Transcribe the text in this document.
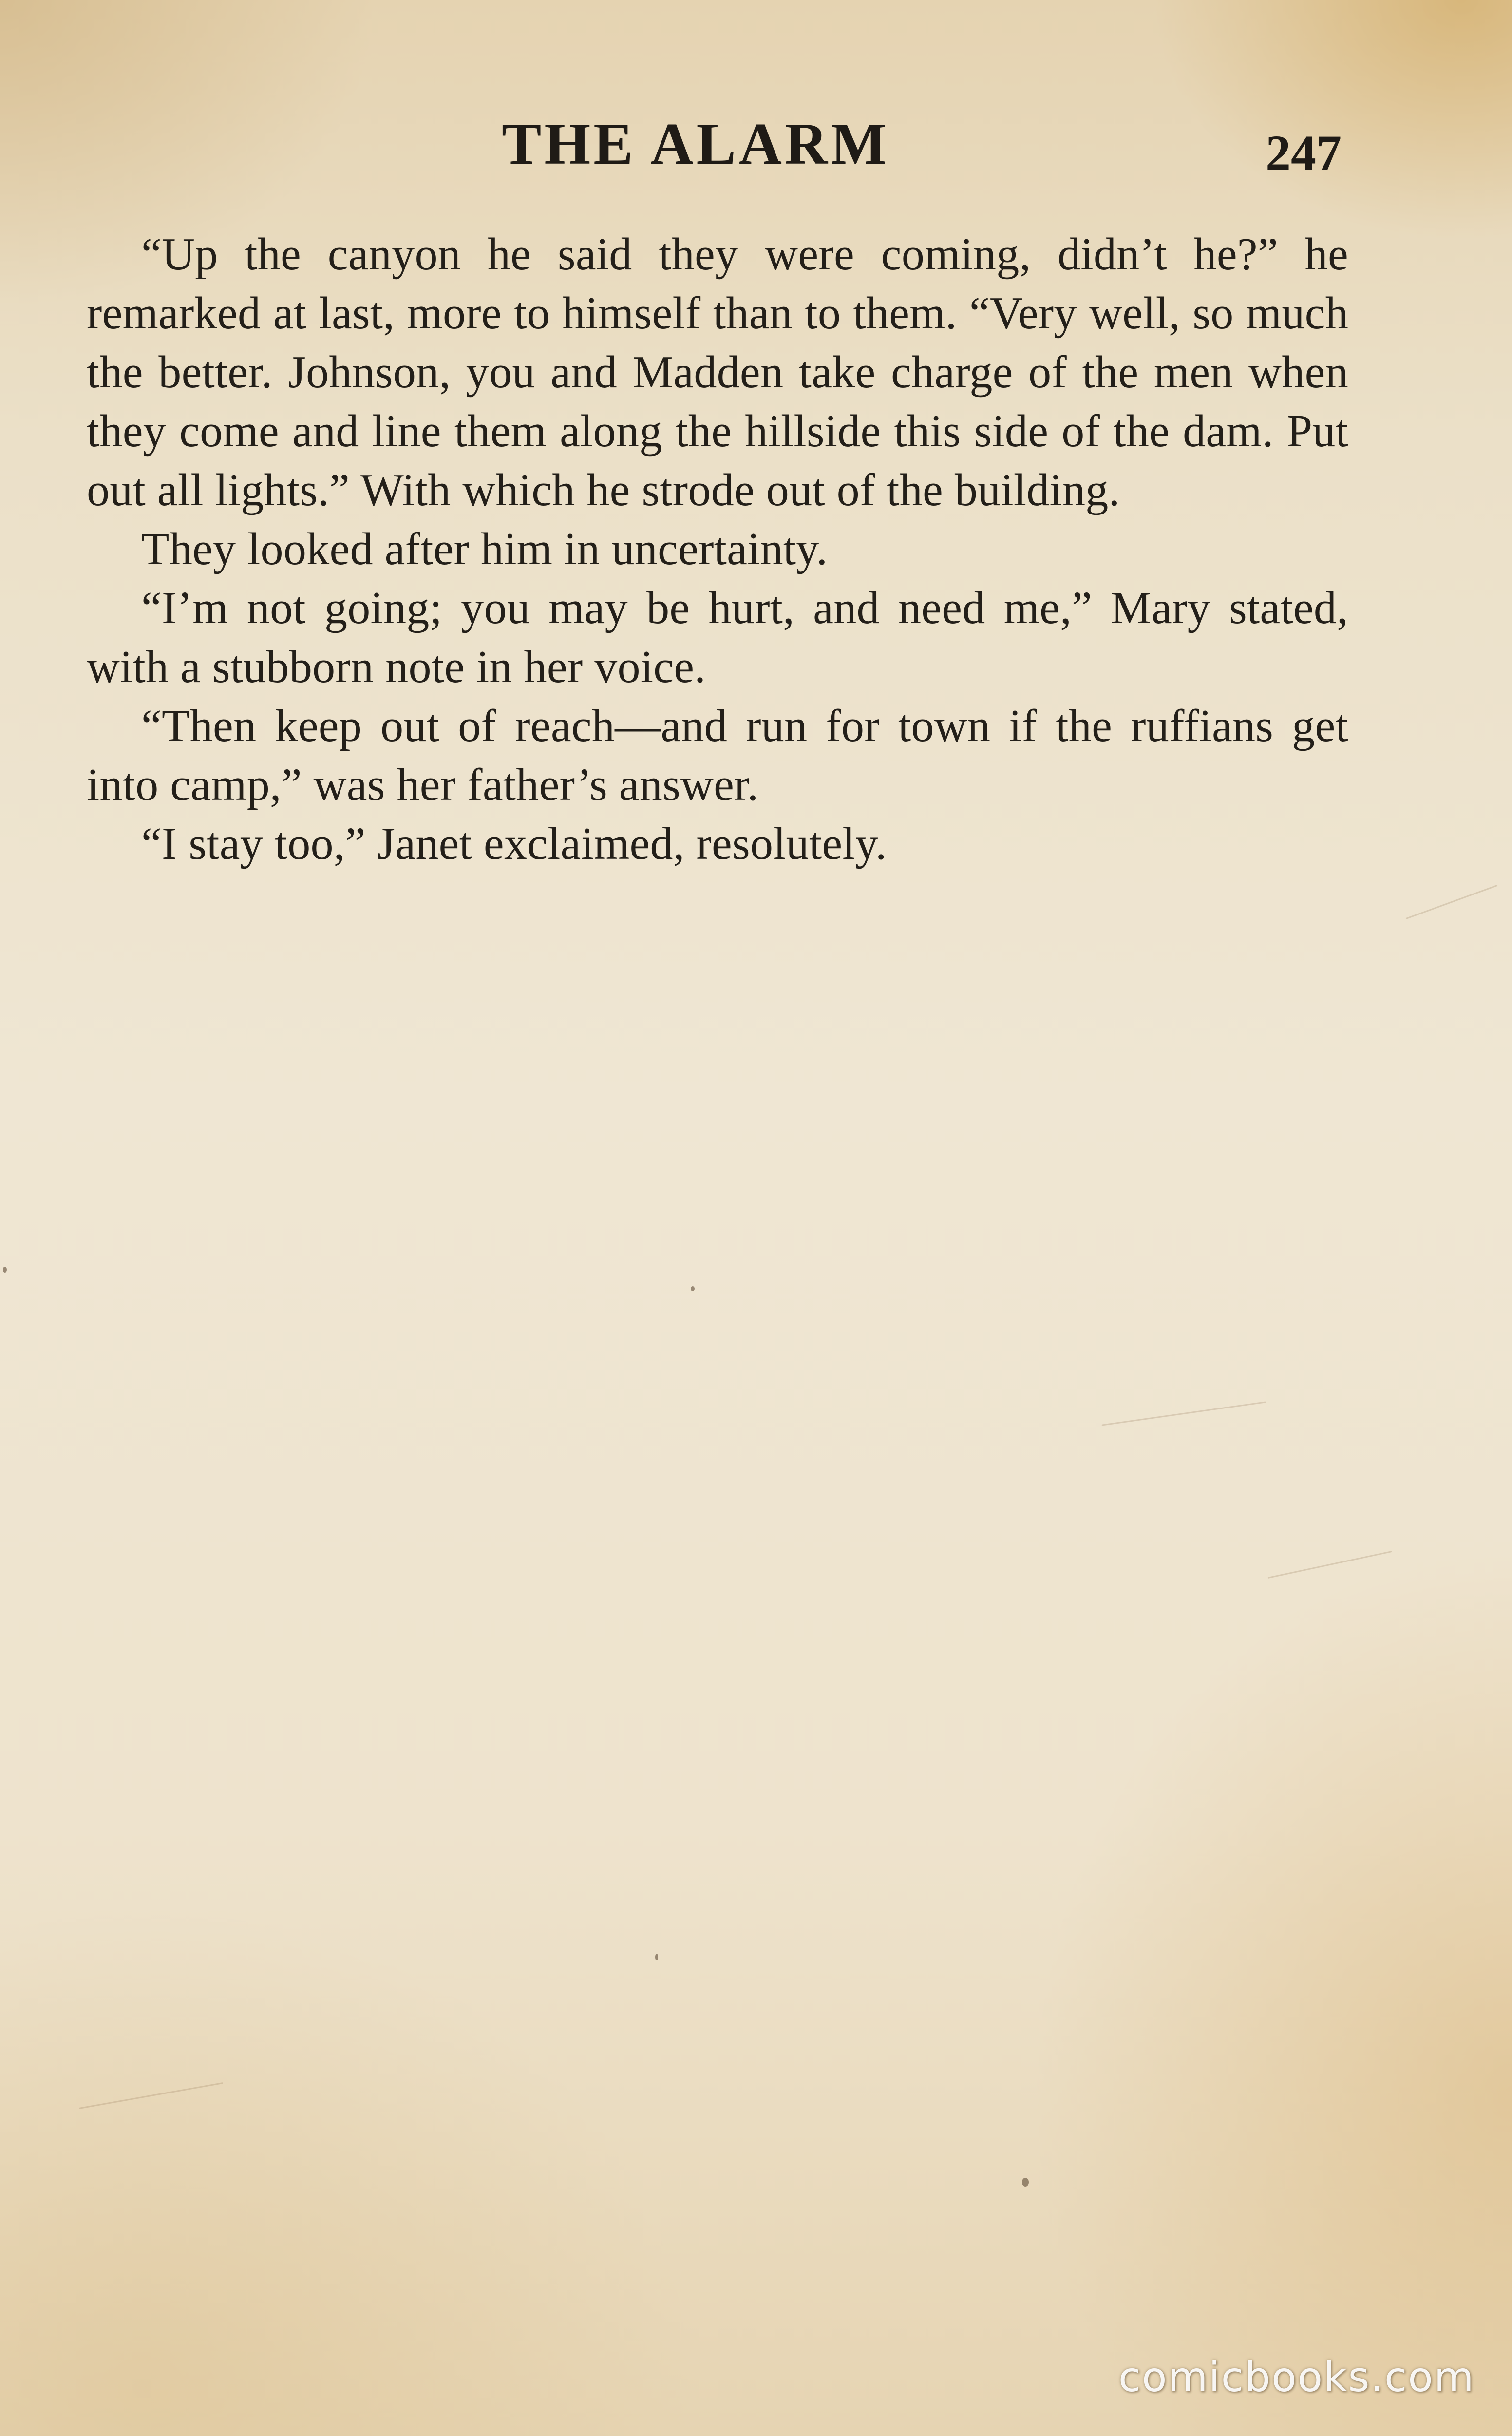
THE ALARM	247

“Up the canyon he said they were coming, didn’t he?” he remarked at last, more to himself than to them. “Very well, so much the better. Johnson, you and Madden take charge of the men when they come and line them along the hillside this side of the dam. Put out all lights.” With which he strode out of the building.

They looked after him in uncertainty.

“I’m not going; you may be hurt, and need me,” Mary stated, with a stubborn note in her voice.

“Then keep out of reach—and run for town if the ruffians get into camp,” was her father’s answer.

“I stay too,” Janet exclaimed, resolutely.

comicbooks.com
